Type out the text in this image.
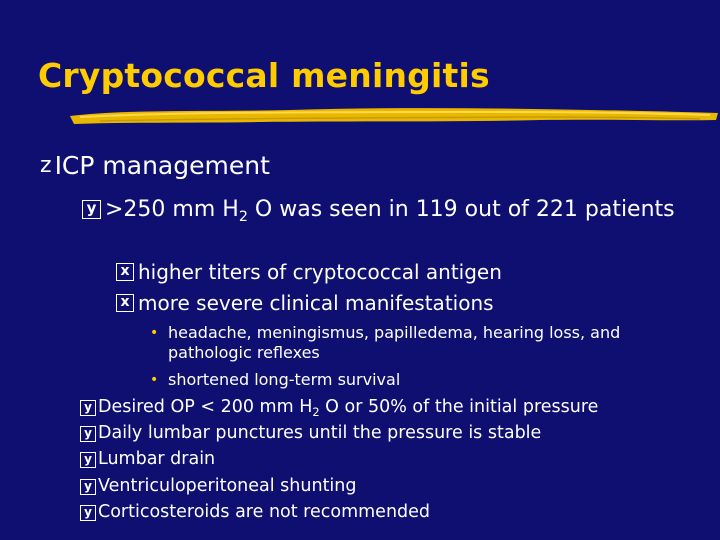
Cryptococcal meningitis
z ICP management
y >250 mm $H_2$ O was seen in 119 out of 221 patients
x higher titers of cryptococcal antigen
x more severe clinical manifestations
• headache, meningismus, papilledema, hearing loss, and pathologic reflexes
• shortened long-term survival
y Desired OP < 200 mm $H_2$ O or 50% of the initial pressure
y Daily lumbar punctures until the pressure is stable
y Lumbar drain
y Ventriculoperitoneal shunting
y Corticosteroids are not recommended
